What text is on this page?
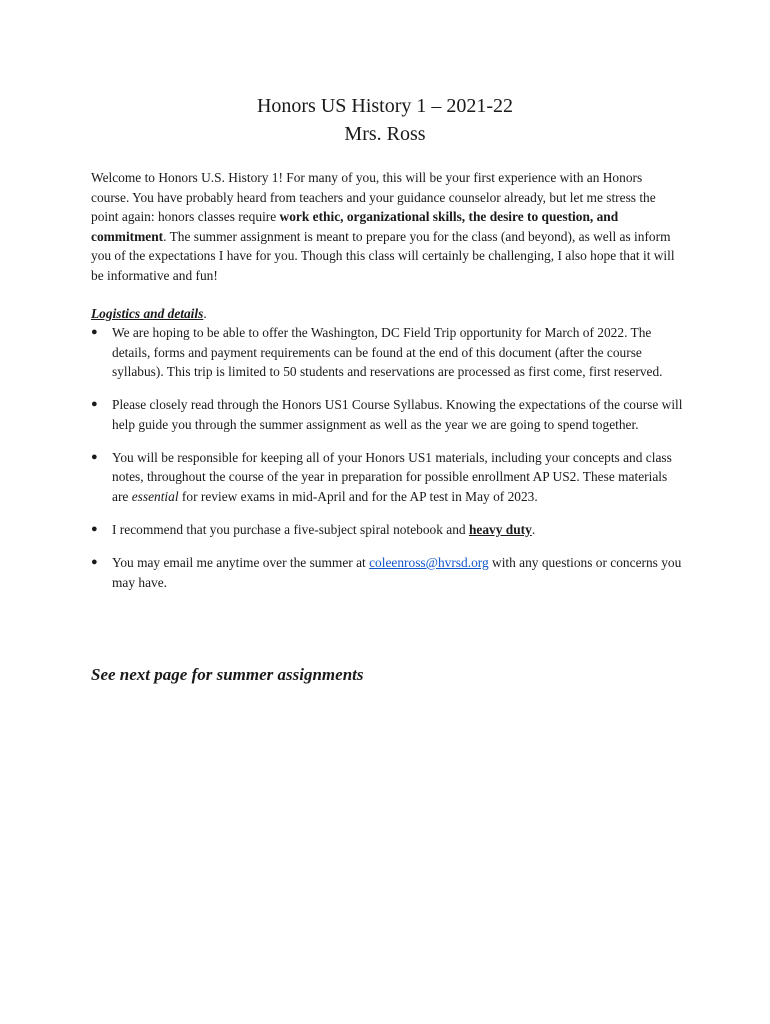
Honors US History 1 – 2021-22
Mrs. Ross
Welcome to Honors U.S. History 1! For many of you, this will be your first experience with an Honors course. You have probably heard from teachers and your guidance counselor already, but let me stress the point again: honors classes require work ethic, organizational skills, the desire to question, and commitment. The summer assignment is meant to prepare you for the class (and beyond), as well as inform you of the expectations I have for you. Though this class will certainly be challenging, I also hope that it will be informative and fun!
Logistics and details.
● We are hoping to be able to offer the Washington, DC Field Trip opportunity for March of 2022. The details, forms and payment requirements can be found at the end of this document (after the course syllabus). This trip is limited to 50 students and reservations are processed as first come, first reserved.
● Please closely read through the Honors US1 Course Syllabus. Knowing the expectations of the course will help guide you through the summer assignment as well as the year we are going to spend together.
● You will be responsible for keeping all of your Honors US1 materials, including your concepts and class notes, throughout the course of the year in preparation for possible enrollment AP US2. These materials are essential for review exams in mid-April and for the AP test in May of 2023.
● I recommend that you purchase a five-subject spiral notebook and heavy duty.
● You may email me anytime over the summer at coleenross@hvrsd.org with any questions or concerns you may have.
See next page for summer assignments
